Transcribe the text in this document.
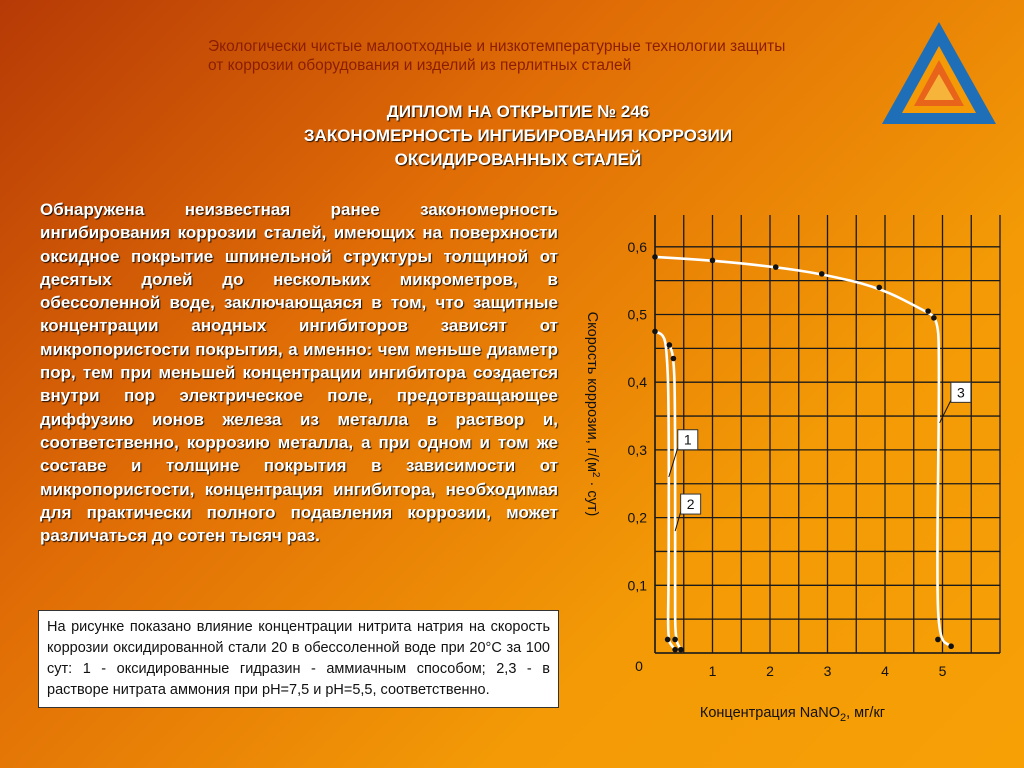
Экологически чистые малоотходные и низкотемпературные технологии защиты
от коррозии оборудования и изделий из перлитных сталей
ДИПЛОМ НА ОТКРЫТИЕ № 246
ЗАКОНОМЕРНОСТЬ ИНГИБИРОВАНИЯ КОРРОЗИИ
ОКСИДИРОВАННЫХ СТАЛЕЙ
Обнаружена неизвестная ранее закономерность ингибирования коррозии сталей, имеющих на поверхности оксидное покрытие шпинельной структуры толщиной от десятых долей до нескольких микрометров, в обессоленной воде, заключающаяся в том, что защитные концентрации анодных ингибиторов зависят от микропористости покрытия, а именно: чем меньше диаметр пор, тем при меньшей концентрации ингибитора создается внутри пор электрическое поле, предотвращающее диффузию ионов железа из металла в раствор и, соответственно, коррозию металла, а при одном и том же составе и толщине покрытия в зависимости от микропористости, концентрация ингибитора, необходимая для практически полного подавления коррозии, может различаться до сотен тысяч раз.
На рисунке показано влияние концентрации нитрита натрия на скорость коррозии оксидированной стали 20 в обессоленной воде при 20°С за 100 сут: 1 - оксидированные гидразин - аммиачным способом; 2,3 - в растворе нитрата аммония при рН=7,5 и рН=5,5, соответственно.
0,1
0,2
0,3
0,4
0,5
0,6
1	2	3	4	5
0
Концентрация NaNO$_2$, мг/кг
Скорость коррозии, $г/(м^2 \cdot сут)$
1
2
3
